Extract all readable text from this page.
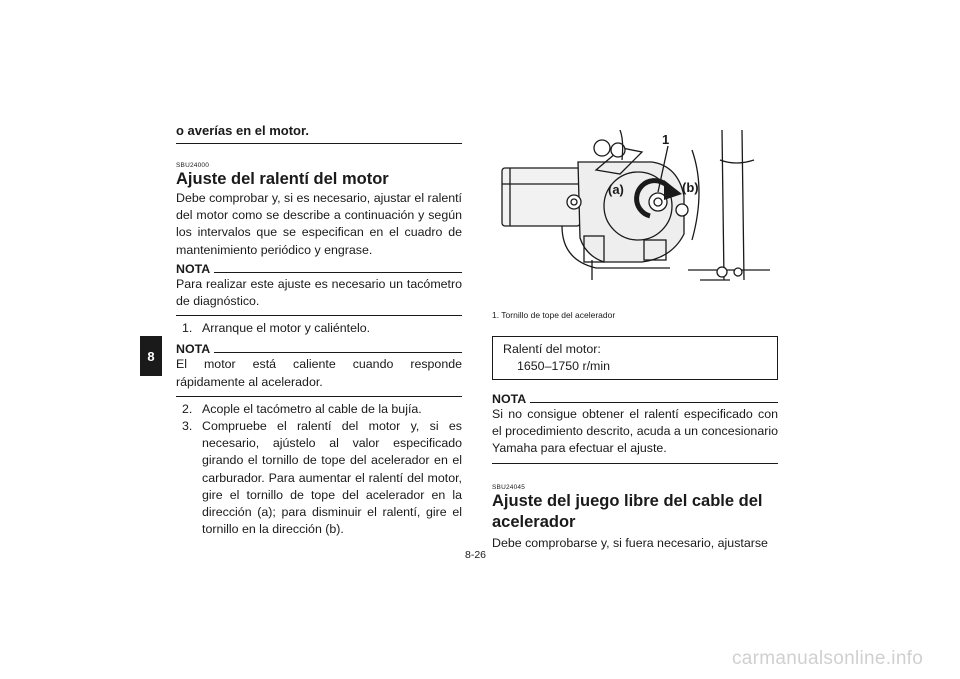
o averías en el motor.
8
SBU24000
Ajuste del ralentí del motor
Debe comprobar y, si es necesario, ajustar el ralentí del motor como se describe a continuación y según los intervalos que se especifican en el cuadro de mantenimiento periódico y engrase.
NOTA
Para realizar este ajuste es necesario un tacómetro de diagnóstico.
1. Arranque el motor y caliéntelo.
NOTA
El motor está caliente cuando responde rápidamente al acelerador.
2. Acople el tacómetro al cable de la bujía.
3. Compruebe el ralentí del motor y, si es necesario, ajústelo al valor especificado girando el tornillo de tope del acelerador en el carburador. Para aumentar el ralentí del motor, gire el tornillo de tope del acelerador en la dirección (a); para disminuir el ralentí, gire el tornillo en la dirección (b).
1
(a)	(b)
1. Tornillo de tope del acelerador
Ralentí del motor:
1650–1750 r/min
NOTA
Si no consigue obtener el ralentí especificado con el procedimiento descrito, acuda a un concesionario Yamaha para efectuar el ajuste.
SBU24045
Ajuste del juego libre del cable del acelerador
Debe comprobarse y, si fuera necesario, ajustarse
8-26
carmanualsonline.info
